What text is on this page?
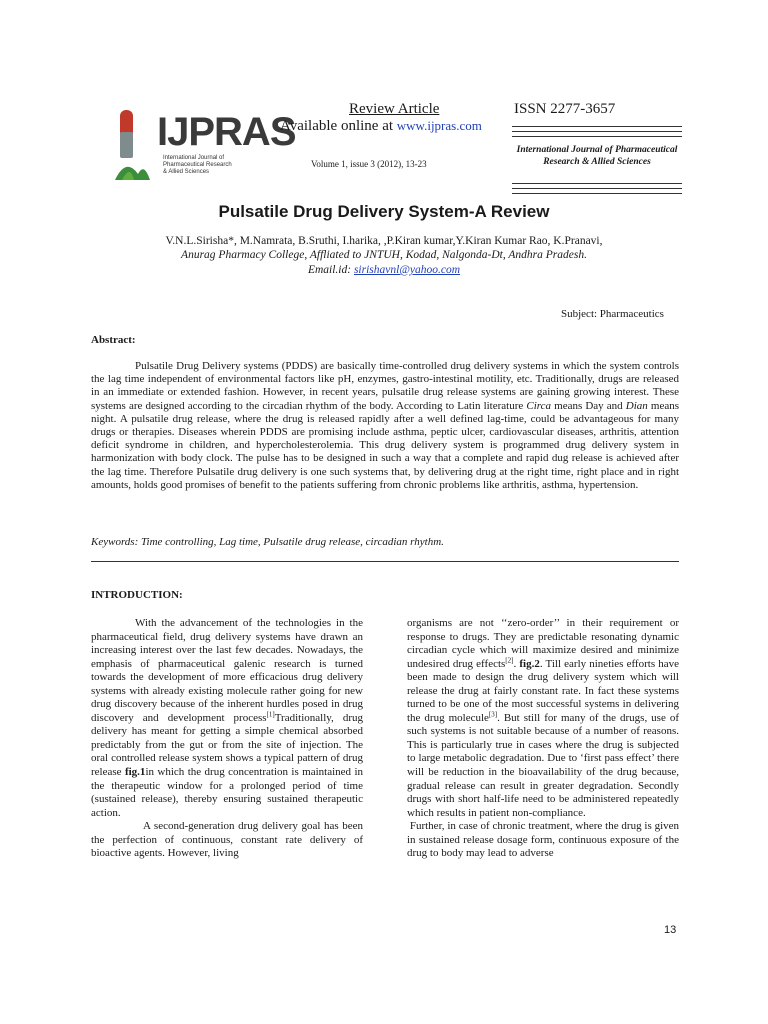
IJPRAS
International Journal of Pharmaceutical Research & Allied Sciences
Review Article	ISSN 2277-3657
Available online at www.ijpras.com
Volume 1, issue 3 (2012), 13-23
International Journal of Pharmaceutical Research & Allied Sciences
Pulsatile Drug Delivery System-A Review
V.N.L.Sirisha*, M.Namrata, B.Sruthi, I.harika, ,P.Kiran kumar,Y.Kiran Kumar Rao, K.Pranavi,
Anurag Pharmacy College, Affliated to JNTUH, Kodad, Nalgonda-Dt, Andhra Pradesh.
Email.id: sirishavnl@yahoo.com
Subject: Pharmaceutics
Abstract:
Pulsatile Drug Delivery systems (PDDS) are basically time-controlled drug delivery systems in which the system controls the lag time independent of environmental factors like pH, enzymes, gastro-intestinal motility, etc. Traditionally, drugs are released in an immediate or extended fashion. However, in recent years, pulsatile drug release systems are gaining growing interest. These systems are designed according to the circadian rhythm of the body. According to Latin literature Circa means Day and Dian means night. A pulsatile drug release, where the drug is released rapidly after a well defined lag-time, could be advantageous for many drugs or therapies. Diseases wherein PDDS are promising include asthma, peptic ulcer, cardiovascular diseases, arthritis, attention deficit syndrome in children, and hypercholesterolemia. This drug delivery system is programmed drug delivery system in harmonization with body clock. The pulse has to be designed in such a way that a complete and rapid dug release is achieved after the lag time. Therefore Pulsatile drug delivery is one such systems that, by delivering drug at the right time, right place and in right amounts, holds good promises of benefit to the patients suffering from chronic problems like arthritis, asthma, hypertension.
Keywords: Time controlling, Lag time, Pulsatile drug release, circadian rhythm.
INTRODUCTION:
With the advancement of the technologies in the pharmaceutical field, drug delivery systems have drawn an increasing interest over the last few decades. Nowadays, the emphasis of pharmaceutical galenic research is turned towards the development of more efficacious drug delivery systems with already existing molecule rather going for new drug discovery because of the inherent hurdles posed in drug discovery and development process[1]Traditionally, drug delivery has meant for getting a simple chemical absorbed predictably from the gut or from the site of injection. The oral controlled release system shows a typical pattern of drug release fig.1in which the drug concentration is maintained in the therapeutic window for a prolonged period of time (sustained release), thereby ensuring sustained therapeutic action.
A second-generation drug delivery goal has been the perfection of continuous, constant rate delivery of bioactive agents. However, living
organisms are not ‘‘zero-order’’ in their requirement or response to drugs. They are predictable resonating dynamic circadian cycle which will maximize desired and minimize undesired drug effects[2]. fig.2. Till early nineties efforts have been made to design the drug delivery system which will release the drug at fairly constant rate. In fact these systems turned to be one of the most successful systems in delivering the drug molecule[3]. But still for many of the drugs, use of such systems is not suitable because of a number of reasons. This is particularly true in cases where the drug is subjected to large metabolic degradation. Due to ‘first pass effect’ there will be reduction in the bioavailability of the drug because, gradual release can result in greater degradation. Secondly drugs with short half-life need to be administered repeatedly which results in patient non-compliance.
Further, in case of chronic treatment, where the drug is given in sustained release dosage form, continuous exposure of the drug to body may lead to adverse
13
